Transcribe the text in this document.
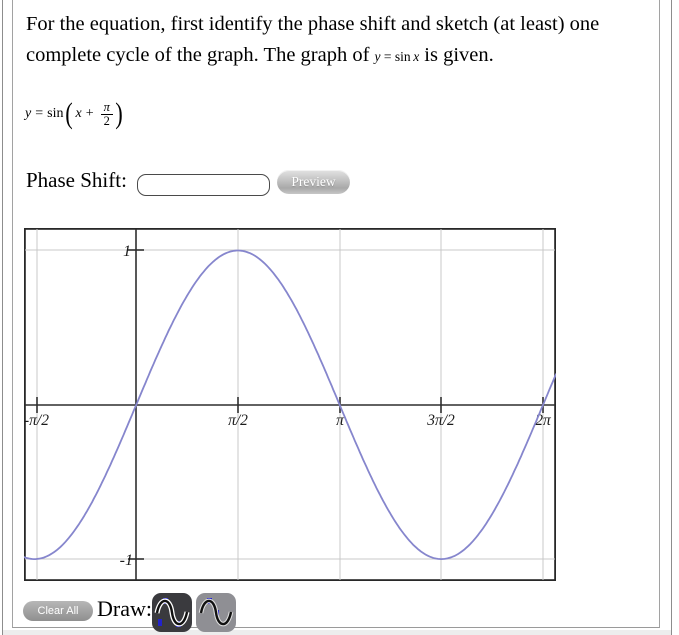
For the equation, first identify the phase shift and sketch (at least) one
complete cycle of the graph. The graph of y = sin  x is given.
y = sin ( $x + \frac{\pi}{2}$ )
Phase Shift:	Preview
-π/2	π/2	π	3π/2	2π
1
-1
Clear All Draw:
